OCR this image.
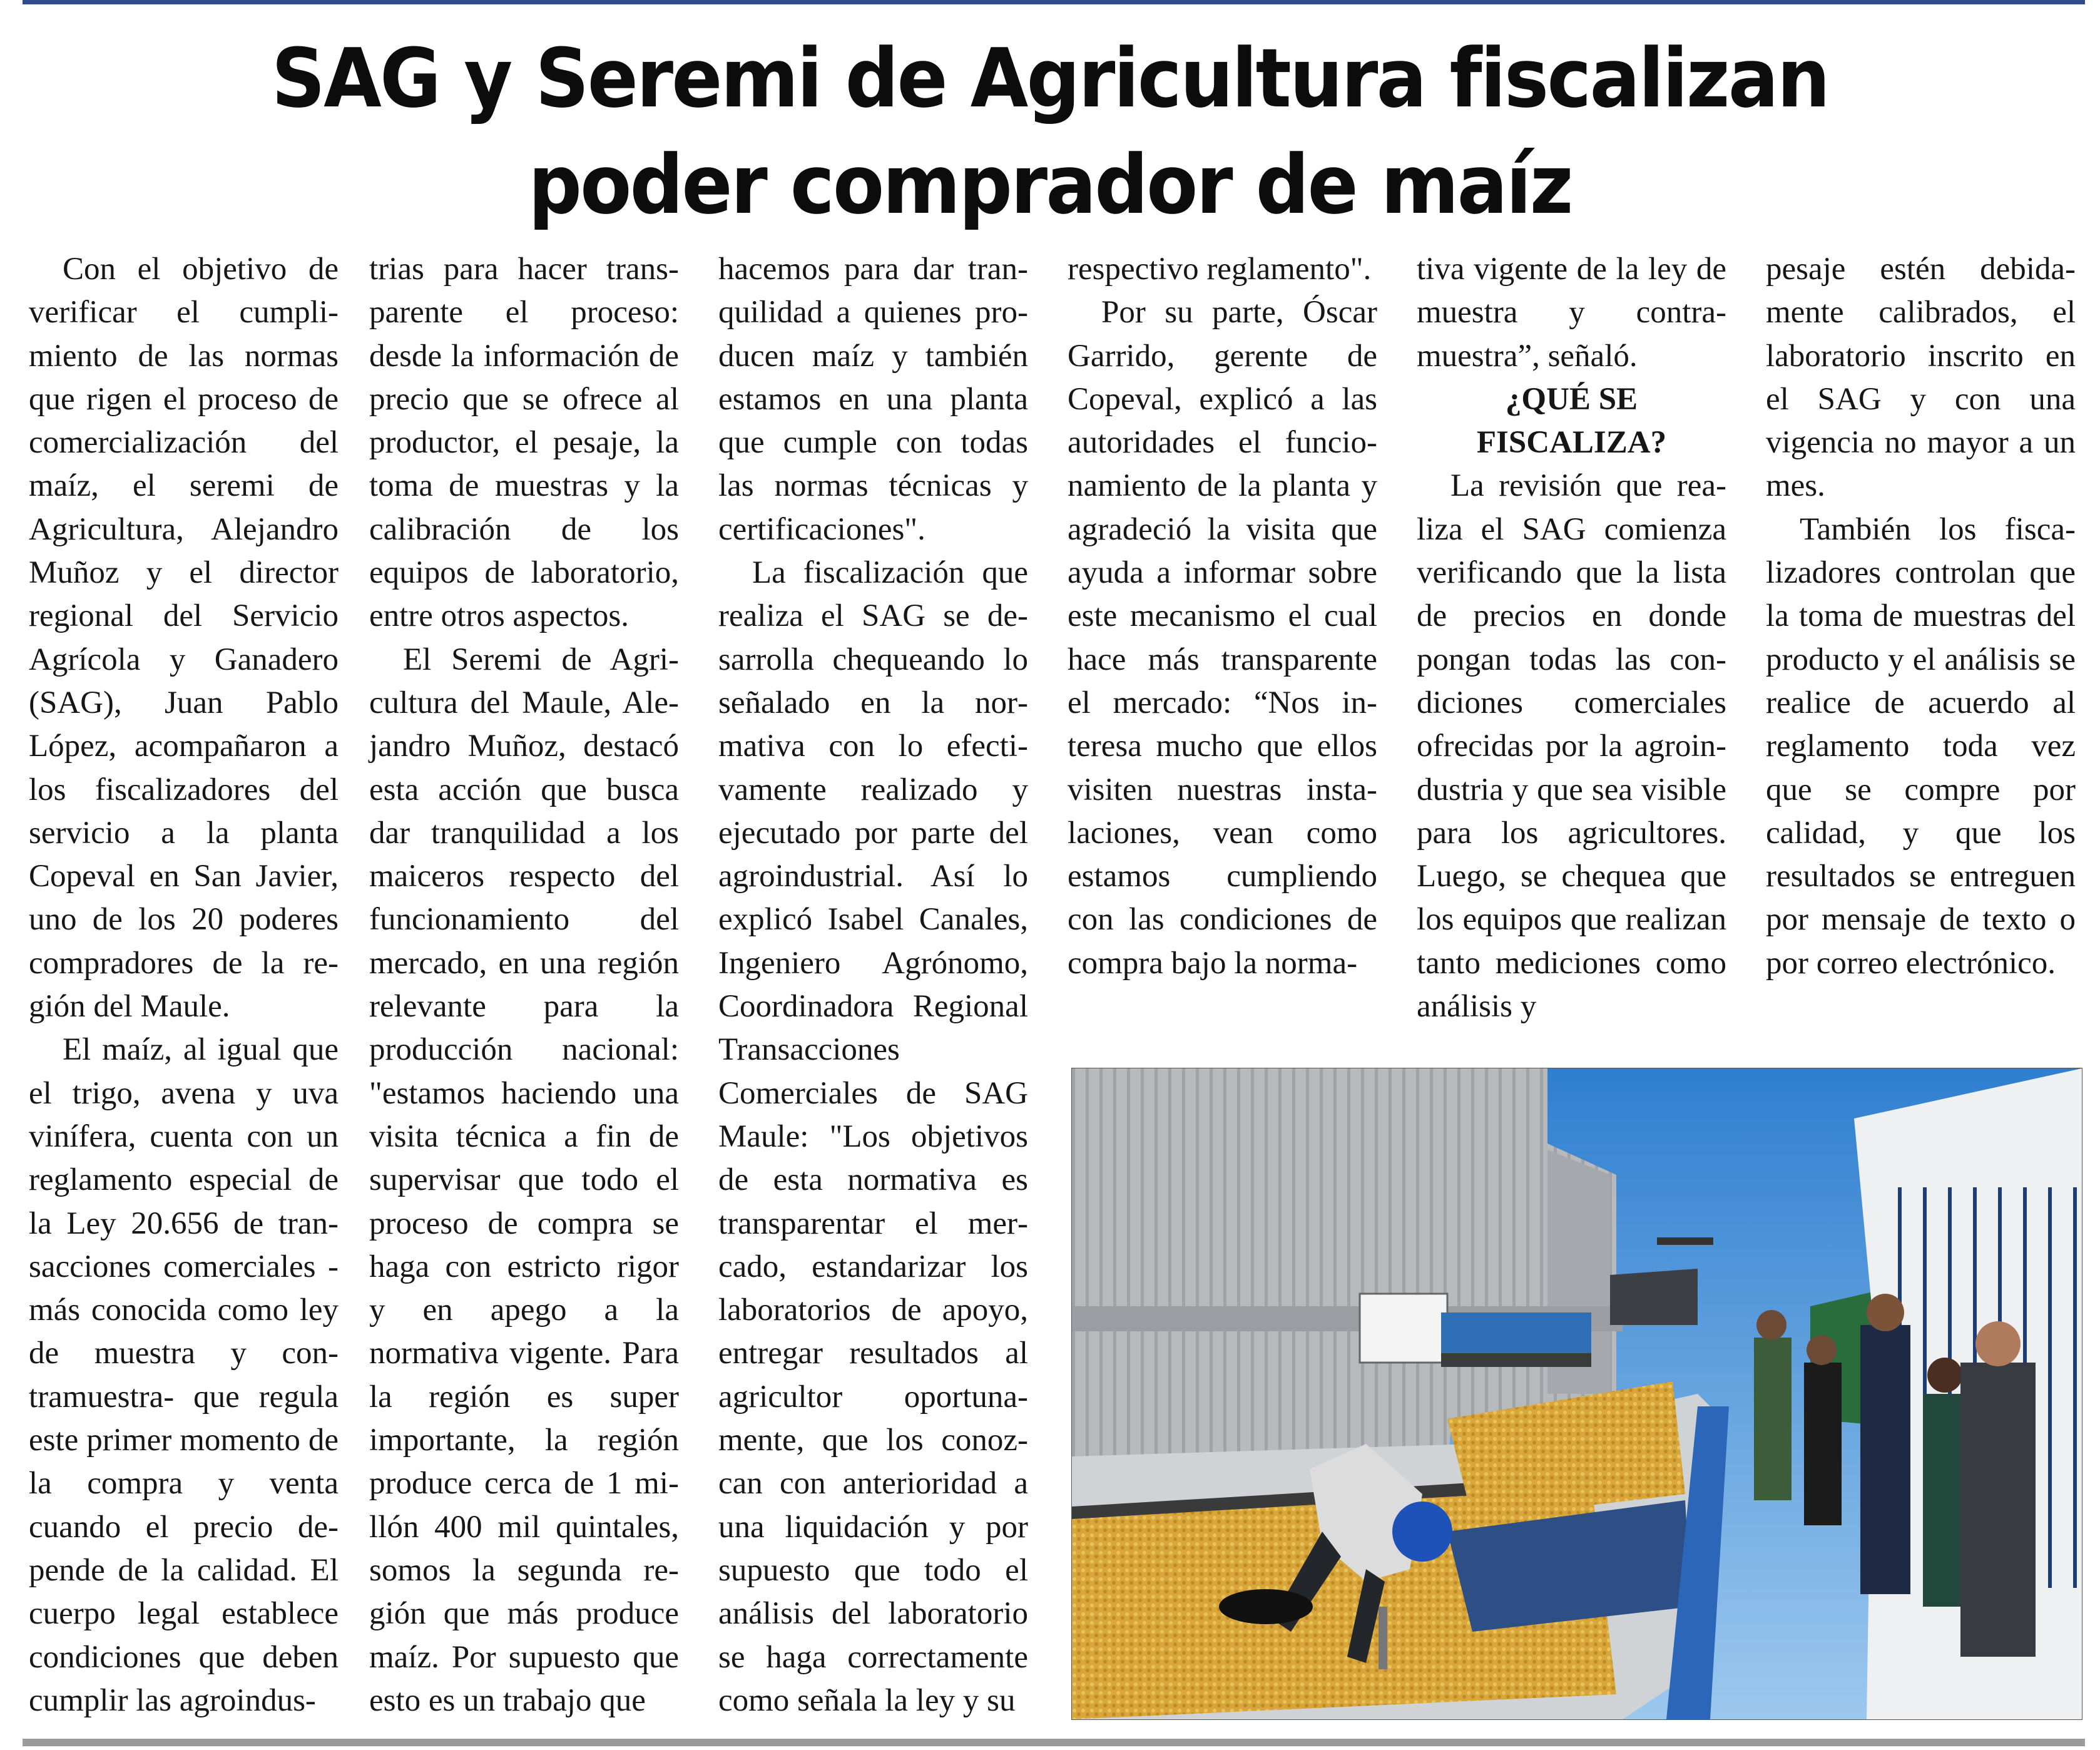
SAG y Seremi de Agricultura fiscalizan
poder comprador de maíz

Con el objetivo de verificar el cumplimiento de las normas que rigen el proceso de comercialización del maíz, el seremi de Agricultura, Alejandro Muñoz y el director regional del Servicio Agrícola y Ganadero (SAG), Juan Pablo López, acompañaron a los fiscalizadores del servicio a la planta Copeval en San Javier, uno de los 20 poderes compradores de la región del Maule.

El maíz, al igual que el trigo, avena y uva vinífera, cuenta con un reglamento especial de la Ley 20.656 de transacciones comerciales -más conocida como ley de muestra y contramuestra- que regula este primer momento de la compra y venta cuando el precio depende de la calidad. El cuerpo legal establece condiciones que deben cumplir las agroindus-

trias para hacer transparente el proceso: desde la información de precio que se ofrece al productor, el pesaje, la toma de muestras y la calibración de los equipos de laboratorio, entre otros aspectos.

El Seremi de Agricultura del Maule, Alejandro Muñoz, destacó esta acción que busca dar tranquilidad a los maiceros respecto del funcionamiento del mercado, en una región relevante para la producción nacional: "estamos haciendo una visita técnica a fin de supervisar que todo el proceso de compra se haga con estricto rigor y en apego a la normativa vigente. Para la región es super importante, la región produce cerca de 1 millón 400 mil quintales, somos la segunda región que más produce maíz. Por supuesto que esto es un trabajo que

hacemos para dar tranquilidad a quienes producen maíz y también estamos en una planta que cumple con todas las normas técnicas y certificaciones".

La fiscalización que realiza el SAG se desarrolla chequeando lo señalado en la normativa con lo efectivamente realizado y ejecutado por parte del agroindustrial. Así lo explicó Isabel Canales, Ingeniero Agrónomo, Coordinadora Regional Transacciones Comerciales de SAG Maule: "Los objetivos de esta normativa es transparentar el mercado, estandarizar los laboratorios de apoyo, entregar resultados al agricultor oportunamente, que los conozcan con anterioridad a una liquidación y por supuesto que todo el análisis del laboratorio se haga correctamente como señala la ley y su

respectivo reglamento".

Por su parte, Óscar Garrido, gerente de Copeval, explicó a las autoridades el funcionamiento de la planta y agradeció la visita que ayuda a informar sobre este mecanismo el cual hace más transparente el mercado: “Nos interesa mucho que ellos visiten nuestras instalaciones, vean como estamos cumpliendo con las condiciones de compra bajo la norma-

tiva vigente de la ley de muestra y contramuestra”, señaló.

¿QUÉ SE FISCALIZA?

La revisión que realiza el SAG comienza verificando que la lista de precios en donde pongan todas las condiciones comerciales ofrecidas por la agroindustria y que sea visible para los agricultores. Luego, se chequea que los equipos que realizan tanto mediciones como análisis y

pesaje estén debidamente calibrados, el laboratorio inscrito en el SAG y con una vigencia no mayor a un mes.

También los fiscalizadores controlan que la toma de muestras del producto y el análisis se realice de acuerdo al reglamento toda vez que se compre por calidad, y que los resultados se entreguen por mensaje de texto o por correo electrónico.
